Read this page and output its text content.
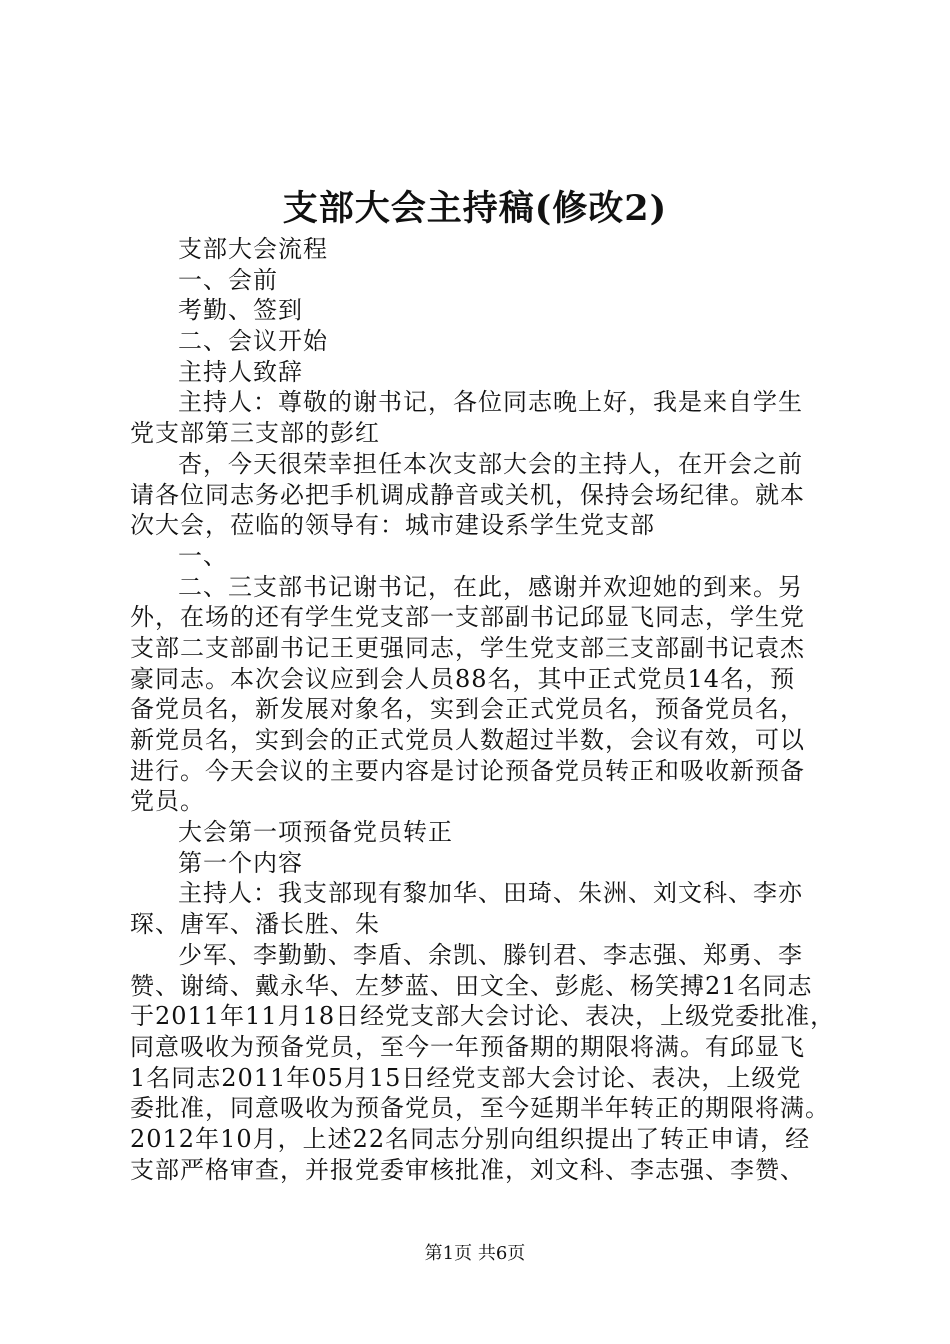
支部大会主持稿(修改2)
支部大会流程
一、会前
考勤、签到
二、会议开始
主持人致辞
主持人：尊敬的谢书记，各位同志晚上好，我是来自学生
党支部第三支部的彭红
杏，今天很荣幸担任本次支部大会的主持人，在开会之前
请各位同志务必把手机调成静音或关机，保持会场纪律。就本
次大会，莅临的领导有：城市建设系学生党支部
一、
二、三支部书记谢书记，在此，感谢并欢迎她的到来。另
外，在场的还有学生党支部一支部副书记邱显飞同志，学生党
支部二支部副书记王更强同志，学生党支部三支部副书记袁杰
豪同志。本次会议应到会人员88名，其中正式党员14名，预
备党员名，新发展对象名，实到会正式党员名，预备党员名，
新党员名，实到会的正式党员人数超过半数，会议有效，可以
进行。今天会议的主要内容是讨论预备党员转正和吸收新预备
党员。
大会第一项预备党员转正
第一个内容
主持人：我支部现有黎加华、田琦、朱洲、刘文科、李亦
琛、唐军、潘长胜、朱
少军、李勤勤、李盾、余凯、滕钊君、李志强、郑勇、李
赞、谢绮、戴永华、左梦蓝、田文全、彭彪、杨笑搏21名同志
于2011年11月18日经党支部大会讨论、表决，上级党委批准，
同意吸收为预备党员，至今一年预备期的期限将满。有邱显飞
1名同志2011年05月15日经党支部大会讨论、表决，上级党
委批准，同意吸收为预备党员，至今延期半年转正的期限将满。
2012年10月，上述22名同志分别向组织提出了转正申请，经
支部严格审查，并报党委审核批准，刘文科、李志强、李赞、
第1页 共6页
